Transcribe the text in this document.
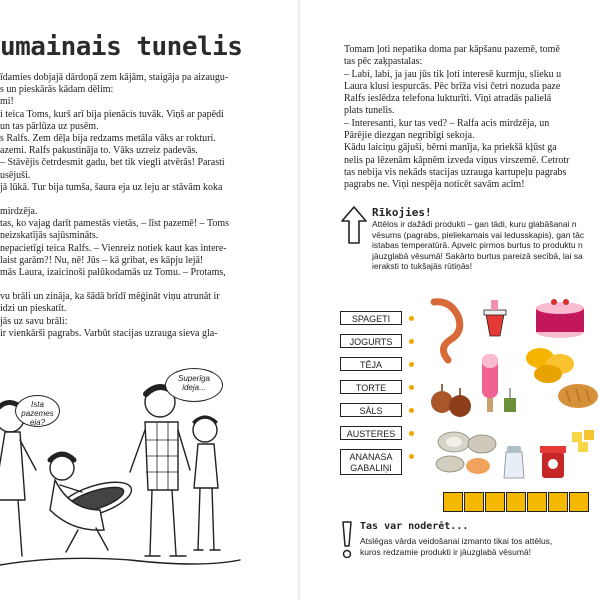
umainais tunelis

īdamies dobjajā dārdoņā zem kājām, staigāja pa aizaugu-

s un pieskārās kādam dēlim:

mi!

i teica Toms, kurš arī bija pienācis tuvāk. Viņš ar papēdi

un tas pārlūza uz pusēm.

s Ralfs. Zem dēļa bija redzams metāla vāks ar rokturi.

azemi. Ralfs pakustināja to. Vāks uzreiz padevās.

– Stāvējis četrdesmit gadu, bet tik viegli atvērās! Parasti

usējuši.

jā lūkā. Tur bija tumša, šaura eja uz leju ar stāvām koka

mirdzēja.

tas, ko vajag darīt pamestās vietās, – līst pazemē! – Toms

neizskatījās sajūsmināts.

nepacietīgi teica Ralfs. – Vienreiz notiek kaut kas intere-

laist garām?! Nu, nē! Jūs – kā gribat, es kāpju lejā!

mās Laura, izaicinoši palūkodamās uz Tomu. – Protams,

vu brāli un zināja, ka šādā brīdī mēģināt viņu atrunāt ir

idzi un pieskatīt.

jās uz savu brāli:

ir vienkārši pagrabs. Varbūt stacijas uzrauga sieva gla-

Ista pazemes eja?
Superīga ideja...

Tomam ļoti nepatika doma par kāpšanu pazemē, tomē

tas pēc zaķpastalas:

– Labi, labi, ja jau jūs tik ļoti interesē kurmju, slieku u

Laura klusi iespurcās. Pēc brīža visi četri nozuda paze

Ralfs ieslēdza telefona lukturīti. Viņi atradās palielā

plats tunelis.

– Interesanti, kur tas ved? – Ralfa acis mirdzēja, un

Pārējie diezgan negribīgi sekoja.

Kādu laiciņu gājuši, bērni manīja, ka priekšā kļūst ga

nelis pa lēzenām kāpnēm izveda viņus virszemē. Četrotr

tas nebija vis nekāds stacijas uzrauga kartupeļu pagrabs

pagrabs ne. Viņi nespēja noticēt savām acīm!

Rīkojies!

Attēlos ir dažādi produkti – gan tādi, kuru glabāšanai n

vēsums (pagrabs, pieliekamais vai ledusskapis), gan tāc

istabas temperatūrā. Apvelc pirmos burtus to produktu n

jāuzglabā vēsumā! Sakārto burtus pareizā secībā, lai sa

ieraksti to tukšajās rūtiņās!

SPAGETI
JOGURTS
TĒJA
TORTE
SĀLS
AUSTERES
ANANASA GABALIŅI
Tas var noderēt...

Atslēgas vārda veidošanai izmanto tikai tos attēlus,

kuros redzamie produkti ir jāuzglabā vēsumā!
